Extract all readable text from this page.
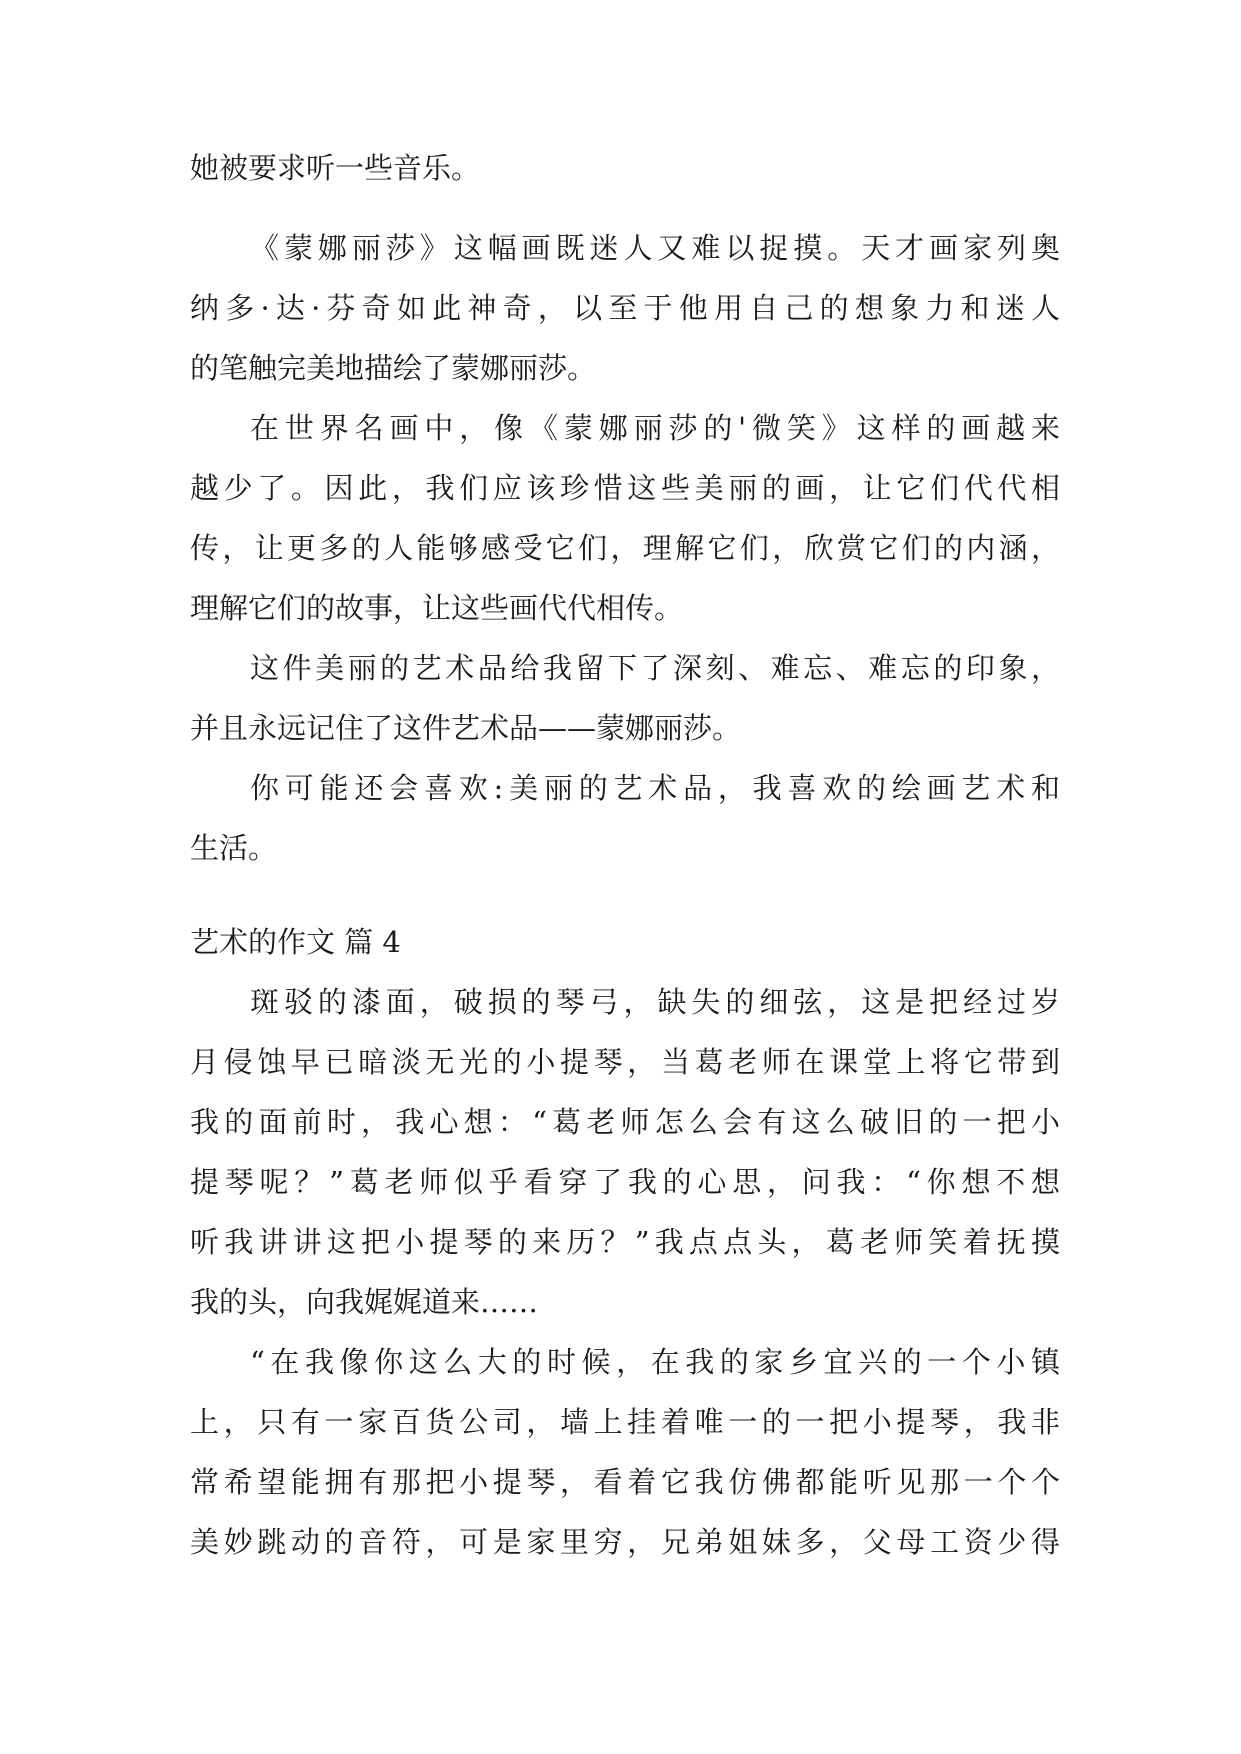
她被要求听一些音乐。
《蒙娜丽莎》这幅画既迷人又难以捉摸。天才画家列奥
纳多·达·芬奇如此神奇，以至于他用自己的想象力和迷人
的笔触完美地描绘了蒙娜丽莎。
在世界名画中，像《蒙娜丽莎的'微笑》这样的画越来
越少了。因此，我们应该珍惜这些美丽的画，让它们代代相
传，让更多的人能够感受它们，理解它们，欣赏它们的内涵，
理解它们的故事，让这些画代代相传。
这件美丽的艺术品给我留下了深刻、难忘、难忘的印象，
并且永远记住了这件艺术品——蒙娜丽莎。
你可能还会喜欢:美丽的艺术品，我喜欢的绘画艺术和
生活。
艺术的作文 篇 4
斑驳的漆面，破损的琴弓，缺失的细弦，这是把经过岁
月侵蚀早已暗淡无光的小提琴，当葛老师在课堂上将它带到
我的面前时，我心想：“葛老师怎么会有这么破旧的一把小
提琴呢？”葛老师似乎看穿了我的心思，问我：“你想不想
听我讲讲这把小提琴的来历？”我点点头，葛老师笑着抚摸
我的头，向我娓娓道来……
“在我像你这么大的时候，在我的家乡宜兴的一个小镇
上，只有一家百货公司，墙上挂着唯一的一把小提琴，我非
常希望能拥有那把小提琴，看着它我仿佛都能听见那一个个
美妙跳动的音符，可是家里穷，兄弟姐妹多，父母工资少得
